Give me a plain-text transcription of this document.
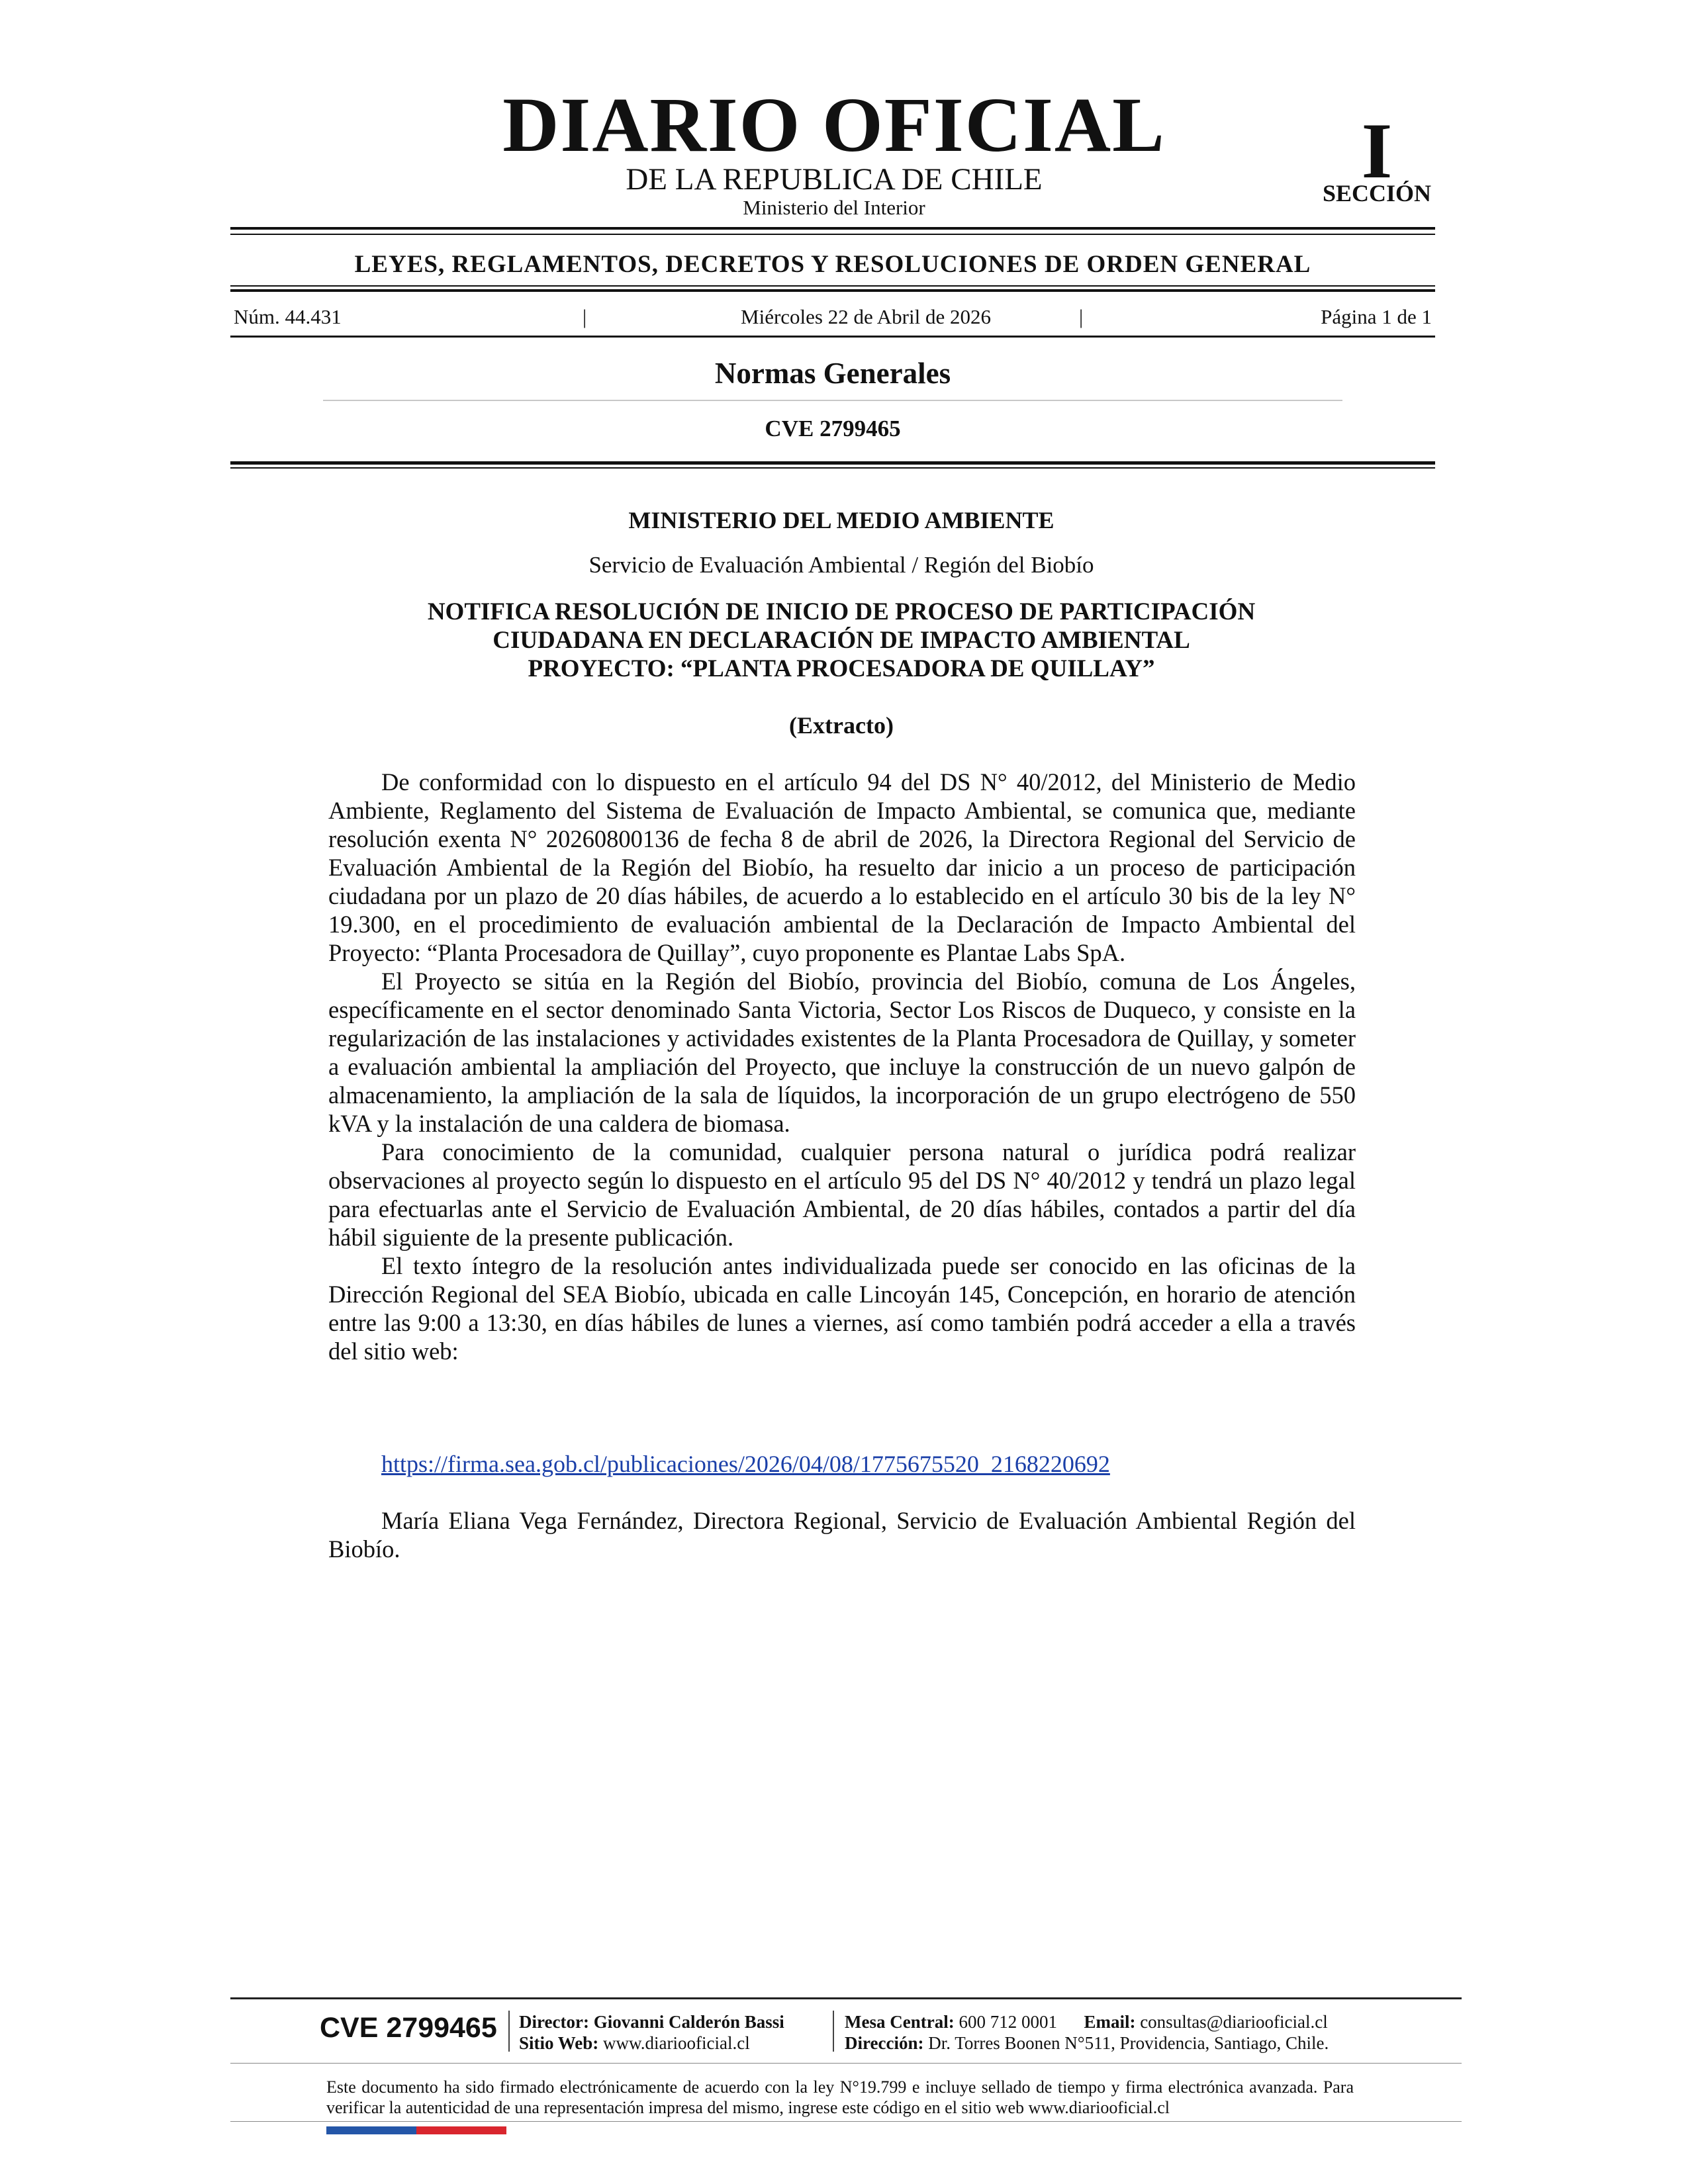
DIARIO OFICIAL
DE LA REPUBLICA DE CHILE
Ministerio del Interior
I
SECCIÓN
LEYES, REGLAMENTOS, DECRETOS Y RESOLUCIONES DE ORDEN GENERAL
Núm. 44.431	|	Miércoles 22 de Abril de 2026	|	Página 1 de 1
Normas Generales
CVE 2799465
MINISTERIO DEL MEDIO AMBIENTE
Servicio de Evaluación Ambiental / Región del Biobío
NOTIFICA RESOLUCIÓN DE INICIO DE PROCESO DE PARTICIPACIÓN
CIUDADANA EN DECLARACIÓN DE IMPACTO AMBIENTAL
PROYECTO: “PLANTA PROCESADORA DE QUILLAY”
(Extracto)

De conformidad con lo dispuesto en el artículo 94 del DS N° 40/2012, del Ministerio de Medio Ambiente, Reglamento del Sistema de Evaluación de Impacto Ambiental, se comunica que, mediante resolución exenta N° 20260800136 de fecha 8 de abril de 2026, la Directora Regional del Servicio de Evaluación Ambiental de la Región del Biobío, ha resuelto dar inicio a un proceso de participación ciudadana por un plazo de 20 días hábiles, de acuerdo a lo establecido en el artículo 30 bis de la ley N° 19.300, en el procedimiento de evaluación ambiental de la Declaración de Impacto Ambiental del Proyecto: “Planta Procesadora de Quillay”, cuyo proponente es Plantae Labs SpA.

El Proyecto se sitúa en la Región del Biobío, provincia del Biobío, comuna de Los Ángeles, específicamente en el sector denominado Santa Victoria, Sector Los Riscos de Duqueco, y consiste en la regularización de las instalaciones y actividades existentes de la Planta Procesadora de Quillay, y someter a evaluación ambiental la ampliación del Proyecto, que incluye la construcción de un nuevo galpón de almacenamiento, la ampliación de la sala de líquidos, la incorporación de un grupo electrógeno de 550 kVA y la instalación de una caldera de biomasa.

Para conocimiento de la comunidad, cualquier persona natural o jurídica podrá realizar observaciones al proyecto según lo dispuesto en el artículo 95 del DS N° 40/2012 y tendrá un plazo legal para efectuarlas ante el Servicio de Evaluación Ambiental, de 20 días hábiles, contados a partir del día hábil siguiente de la presente publicación.

El texto íntegro de la resolución antes individualizada puede ser conocido en las oficinas de la Dirección Regional del SEA Biobío, ubicada en calle Lincoyán 145, Concepción, en horario de atención entre las 9:00 a 13:30, en días hábiles de lunes a viernes, así como también podrá acceder a ella a través del sitio web:

https://firma.sea.gob.cl/publicaciones/2026/04/08/1775675520_2168220692
María Eliana Vega Fernández, Directora Regional, Servicio de Evaluación Ambiental Región del Biobío.
CVE 2799465 Director: Giovanni Calderón Bassi
Sitio Web: www.diariooficial.cl
Mesa Central: 600 712 0001 Email: consultas@diariooficial.cl
Dirección: Dr. Torres Boonen N°511, Providencia, Santiago, Chile.
Este documento ha sido firmado electrónicamente de acuerdo con la ley N°19.799 e incluye sellado de tiempo y firma electrónica avanzada. Para verificar la autenticidad de una representación impresa del mismo, ingrese este código en el sitio web www.diariooficial.cl
